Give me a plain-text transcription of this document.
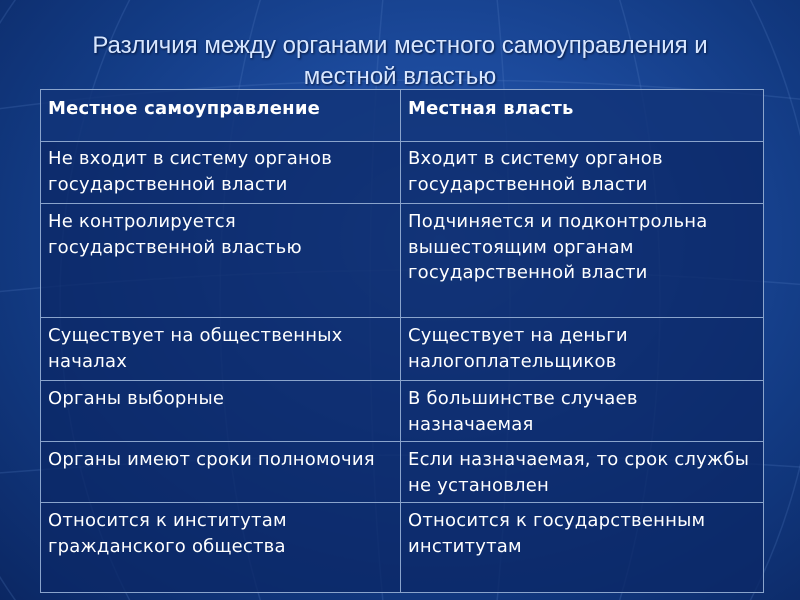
Различия между органами местного самоуправления и
местной властью
Местное самоуправление	Местная власть
Не входит в систему органов государственной власти	Входит в систему органов государственной власти
Не контролируется государственной властью	Подчиняется и подконтрольна вышестоящим органам государственной власти
Существует на общественных началах	Существует на деньги налогоплательщиков
Органы выборные	В большинстве случаев назначаемая
Органы имеют сроки полномочия	Если назначаемая, то срок службы не установлен
Относится к институтам гражданского общества	Относится к государственным институтам
